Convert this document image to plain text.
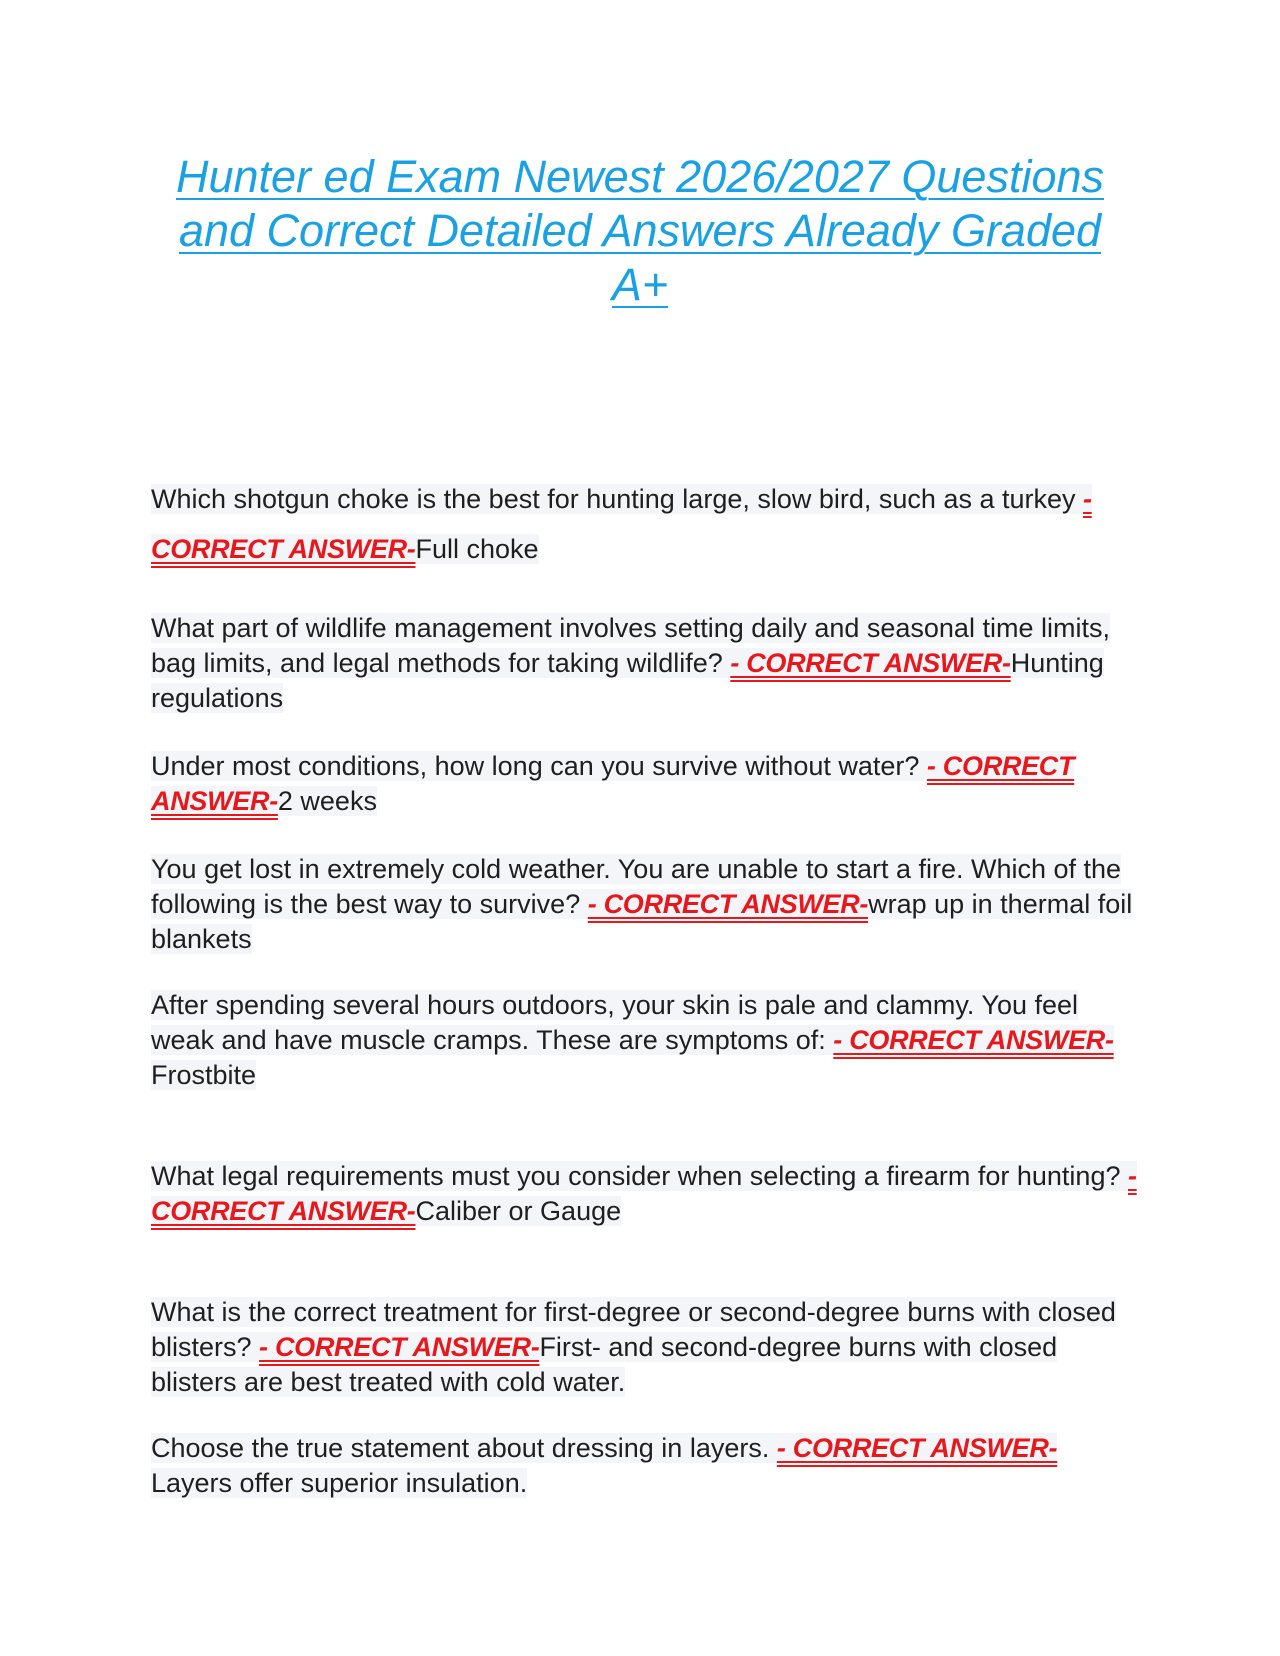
Hunter ed Exam Newest 2026/2027 Questions and Correct Detailed Answers Already Graded A+
Which shotgun choke is the best for hunting large, slow bird, such as a turkey - CORRECT ANSWER-Full choke
What part of wildlife management involves setting daily and seasonal time limits, bag limits, and legal methods for taking wildlife? - CORRECT ANSWER-Hunting regulations
Under most conditions, how long can you survive without water? - CORRECT ANSWER-2 weeks
You get lost in extremely cold weather. You are unable to start a fire. Which of the following is the best way to survive? - CORRECT ANSWER-wrap up in thermal foil blankets
After spending several hours outdoors, your skin is pale and clammy. You feel weak and have muscle cramps. These are symptoms of: - CORRECT ANSWER-Frostbite
What legal requirements must you consider when selecting a firearm for hunting? - CORRECT ANSWER-Caliber or Gauge
What is the correct treatment for first-degree or second-degree burns with closed blisters? - CORRECT ANSWER-First- and second-degree burns with closed blisters are best treated with cold water.
Choose the true statement about dressing in layers. - CORRECT ANSWER-
Layers offer superior insulation.
